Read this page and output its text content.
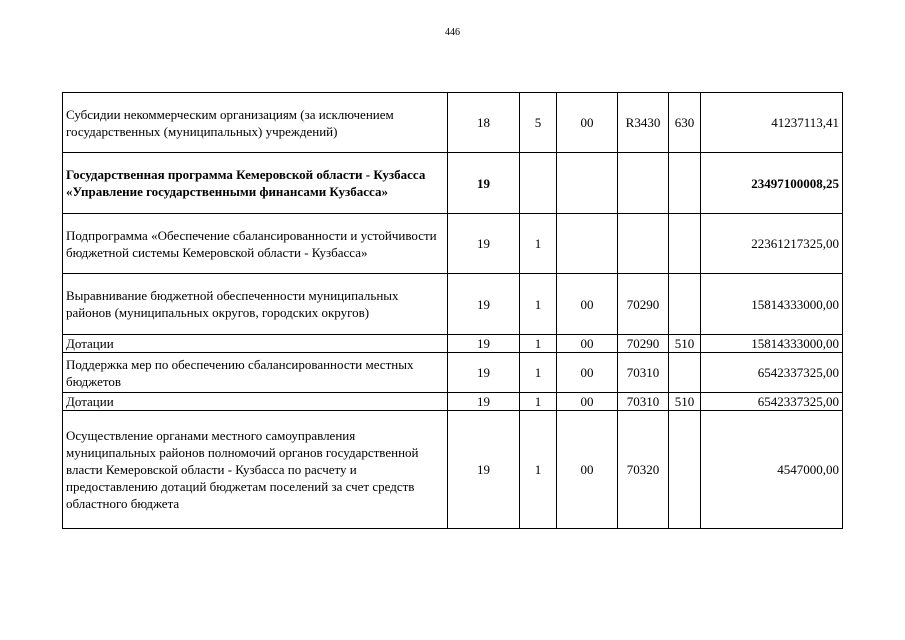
446
Субсидии некоммерческим организациям (за исключением государственных (муниципальных) учреждений)	18	5	00	R3430	630	41237113,41
Государственная программа Кемеровской области - Кузбасса «Управление государственными финансами Кузбасса»	19					23497100008,25
Подпрограмма «Обеспечение сбалансированности и устойчивости бюджетной системы Кемеровской области - Кузбасса»	19	1				22361217325,00
Выравнивание бюджетной обеспеченности муниципальных районов (муниципальных округов, городских округов)	19	1	00	70290		15814333000,00
Дотации	19	1	00	70290	510	15814333000,00
Поддержка мер по обеспечению сбалансированности местных бюджетов	19	1	00	70310		6542337325,00
Дотации	19	1	00	70310	510	6542337325,00
Осуществление органами местного самоуправления муниципальных районов полномочий органов государственной власти Кемеровской области - Кузбасса по расчету и предоставлению дотаций бюджетам поселений за счет средств областного бюджета	19	1	00	70320		4547000,00
